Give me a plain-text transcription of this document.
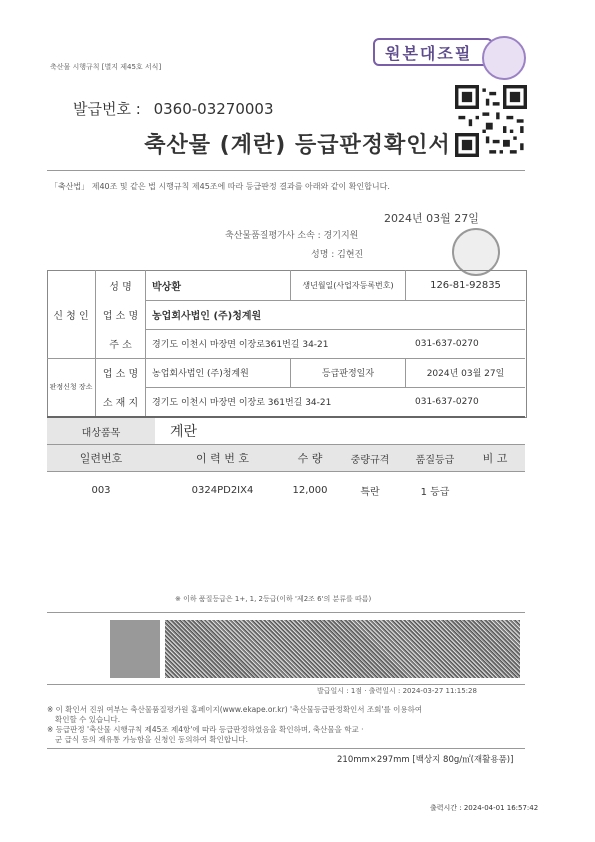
축산물 시행규칙 [별지 제45호 서식]
원본대조필
발급번호 : 0360-03270003
축산물 (계란) 등급판정확인서
「축산법」 제40조 및 같은 법 시행규칙 제45조에 따라 등급판정 결과를 아래와 같이 확인합니다.
2024년 03월 27일
축산물품질평가사 소속 : 경기지원
성명 : 김현진
신 청 인
판정신청 장소
성 명	박상환	생년월일(사업자등록번호)	126-81-92835
업 소 명	농업회사법인 (주)청계원
주 소	경기도 이천시 마장면 이장로361번길 34-21	031-637-0270
업 소 명	농업회사법인 (주)청계원	등급판정일자	2024년 03월 27일
소 재 지	경기도 이천시 마장면 이장로 361번길 34-21	031-637-0270
대상품목	계란
일련번호	이 력 번 호	수 량	중량규격	품질등급	비 고
003	0324PD2IX4	12,000	특란	1 등급
※ 이하 품질등급은 1+, 1, 2등급(이하 '제2조 6'의 분류를 따름)
발급일시 : 1점 · 출력일시 : 2024-03-27 11:15:28
※ 이 확인서 진위 여부는 축산물품질평가원 홈페이지(www.ekape.or.kr) '축산물등급판정확인서 조회'를 이용하여
확인할 수 있습니다.
※ 등급판정 '축산물 시행규칙 제45조 제4항'에 따라 등급판정하였음을 확인하며, 축산물을 학교 ·
군 급식 등의 재유통 가능함을 신청인 동의하여 확인합니다.
210mm×297mm [백상지 80g/㎡(재활용품)]
출력시간 : 2024-04-01 16:57:42
